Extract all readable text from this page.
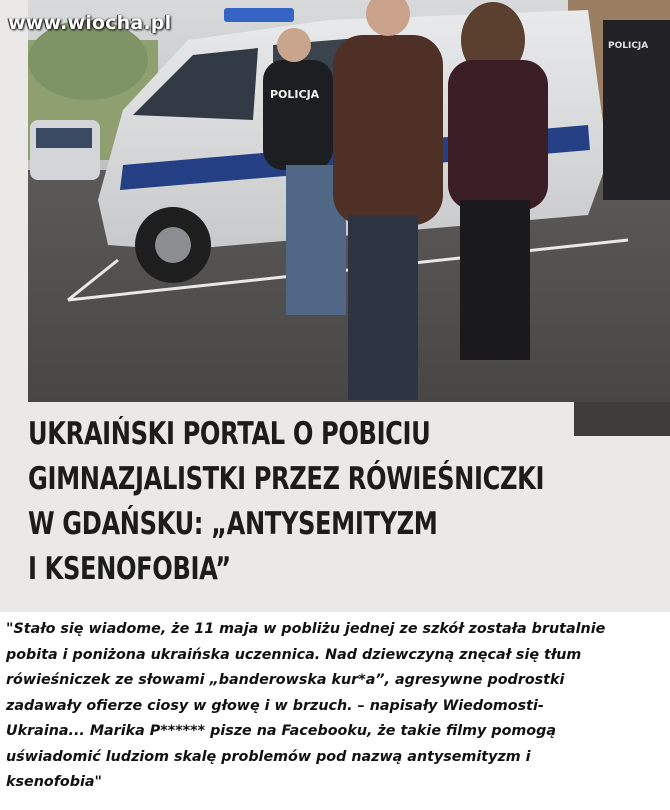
POLICJA
POLICJA
www.wiocha.pl
UKRAIŃSKI PORTAL O POBICIU
GIMNAZJALISTKI PRZEZ RÓWIEŚNICZKI
W GDAŃSKU: „ANTYSEMITYZM
I KSENOFOBIA”
"Stało się wiadome, że 11 maja w pobliżu jednej ze szkół została brutalnie
pobita i poniżona ukraińska uczennica. Nad dziewczyną znęcał się tłum
rówieśniczek ze słowami „banderowska kur*a”, agresywne podrostki
zadawały ofierze ciosy w głowę i w brzuch. – napisały Wiedomosti-
Ukraina... Marika P****** pisze na Facebooku, że takie filmy pomogą
uświadomić ludziom skalę problemów pod nazwą antysemityzm i
ksenofobia"
